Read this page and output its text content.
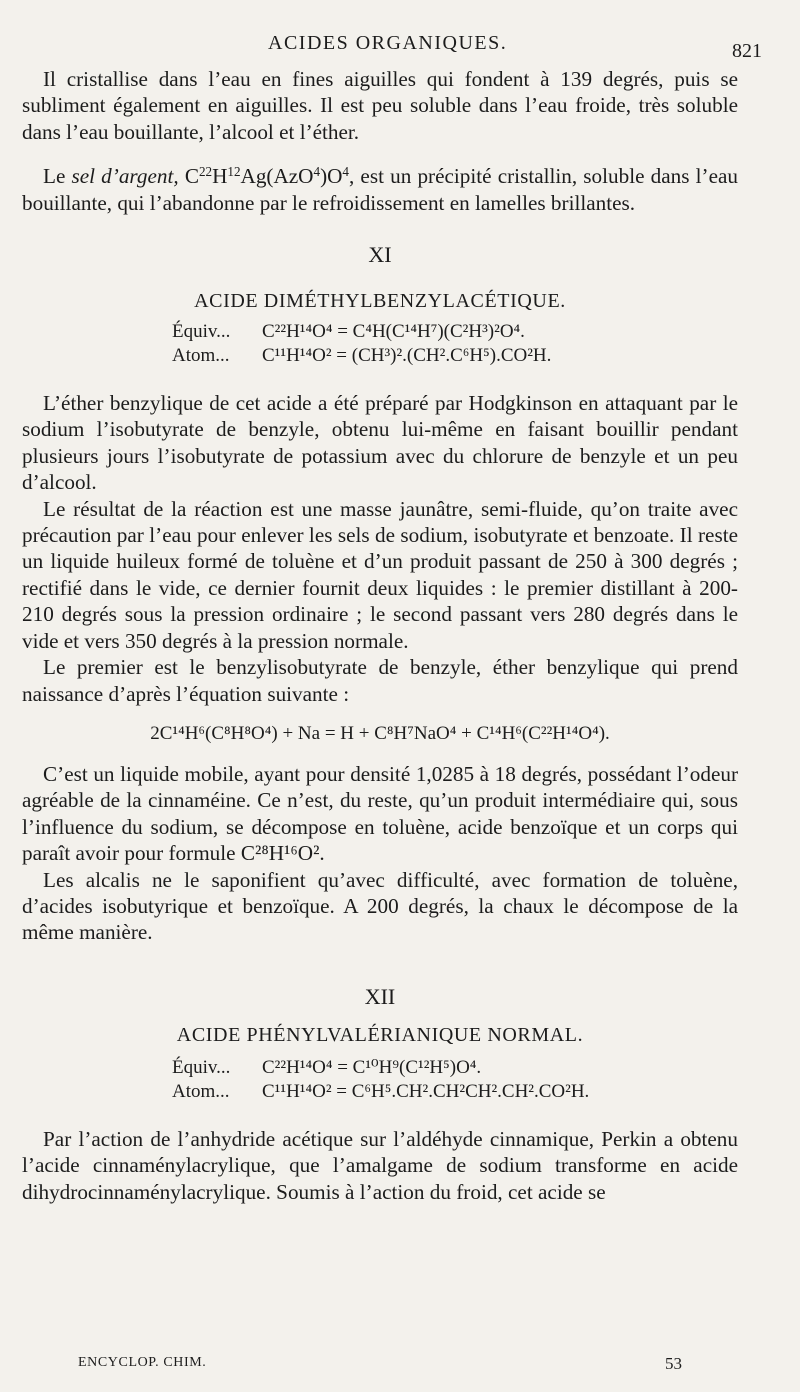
ACIDES ORGANIQUES.	821

Il cristallise dans l’eau en fines aiguilles qui fondent à 139 degrés, puis se subliment également en aiguilles. Il est peu soluble dans l’eau froide, très soluble dans l’eau bouillante, l’alcool et l’éther.

Le sel d’argent, $C^{22}H^{12}Ag(AzO^4)O^4$, est un précipité cristallin, soluble dans l’eau bouillante, qui l’abandonne par le refroidissement en lamelles brillantes.

XI
ACIDE DIMÉTHYLBENZYLACÉTIQUE.
Équiv... C²²H¹⁴O⁴ = C⁴H(C¹⁴H⁷)(C²H³)²O⁴.
Atom... C¹¹H¹⁴O² = (CH³)².(CH².C⁶H⁵).CO²H.

L’éther benzylique de cet acide a été préparé par Hodgkinson en attaquant par le sodium l’isobutyrate de benzyle, obtenu lui-même en faisant bouillir pendant plusieurs jours l’isobutyrate de potassium avec du chlorure de benzyle et un peu d’alcool.

Le résultat de la réaction est une masse jaunâtre, semi-fluide, qu’on traite avec précaution par l’eau pour enlever les sels de sodium, isobutyrate et benzoate. Il reste un liquide huileux formé de toluène et d’un produit passant de 250 à 300 degrés ; rectifié dans le vide, ce dernier fournit deux liquides : le premier distillant à 200-210 degrés sous la pression ordinaire ; le second passant vers 280 degrés dans le vide et vers 350 degrés à la pression normale.

Le premier est le benzylisobutyrate de benzyle, éther benzylique qui prend naissance d’après l’équation suivante :

2C¹⁴H⁶(C⁸H⁸O⁴) + Na = H + C⁸H⁷NaO⁴ + C¹⁴H⁶(C²²H¹⁴O⁴).

C’est un liquide mobile, ayant pour densité 1,0285 à 18 degrés, possédant l’odeur agréable de la cinnaméine. Ce n’est, du reste, qu’un produit intermédiaire qui, sous l’influence du sodium, se décompose en toluène, acide benzoïque et un corps qui paraît avoir pour formule C²⁸H¹⁶O².

Les alcalis ne le saponifient qu’avec difficulté, avec formation de toluène, d’acides isobutyrique et benzoïque. A 200 degrés, la chaux le décompose de la même manière.

XII
ACIDE PHÉNYLVALÉRIANIQUE NORMAL.
Équiv... C²²H¹⁴O⁴ = C¹⁰H⁹(C¹²H⁵)O⁴.
Atom... C¹¹H¹⁴O² = C⁶H⁵.CH².CH²CH².CH².CO²H.

Par l’action de l’anhydride acétique sur l’aldéhyde cinnamique, Perkin a obtenu l’acide cinnaménylacrylique, que l’amalgame de sodium transforme en acide dihydrocinnaménylacrylique. Soumis à l’action du froid, cet acide se

ENCYCLOP. CHIM.	53
